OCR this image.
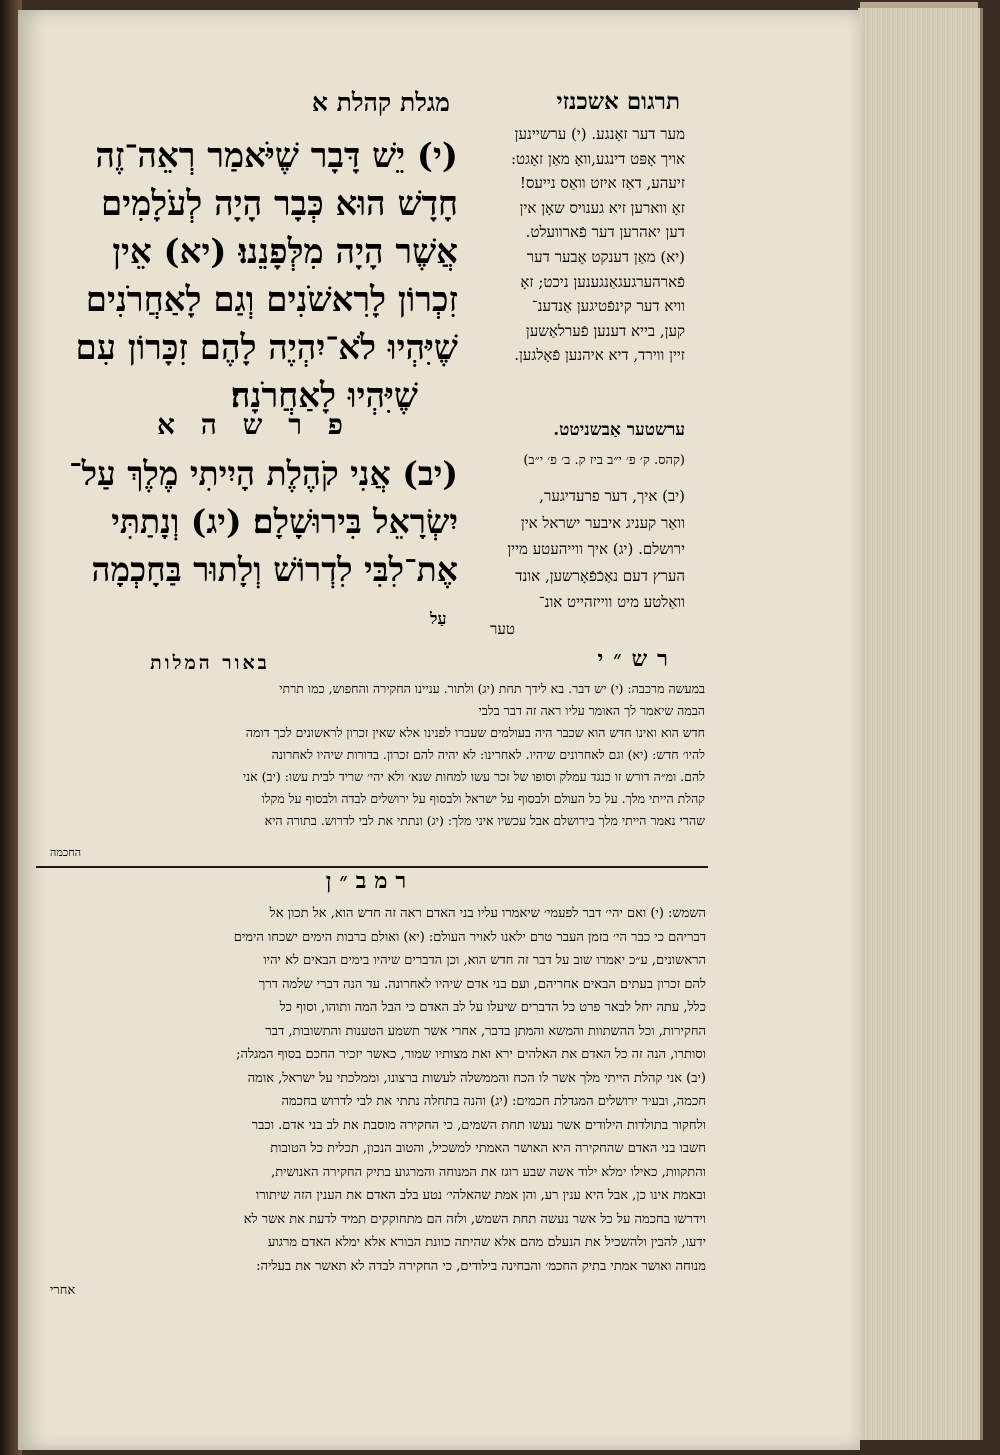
מגלת קהלת א	תרגום אשכנזי
(י) יֵשׁ דָּבָר שֶׁיֹּאמַר רְאֵה־זֶה
חָדָשׁ הוּא כְּבָר הָיָה לְעֹלָמִים
אֲשֶׁר הָיָה מִלְּפָנֵנוּ׃ (יא) אֵין
זִכְרוֹן לָרִאשֹׁנִים וְגַם לָאַחֲרֹנִים
שֶׁיִּהְיוּ לֹא־יִהְיֶה לָהֶם זִכָּרוֹן עִם
שֶׁיִּהְיוּ לָאַחֲרֹנָה׃
פ ר ש ה א
(יב) אֲנִי קֹהֶלֶת הָיִיתִי מֶלֶךְ עַל־
יִשְׂרָאֵל בִּירוּשָׁלָם׃ (יג) וְנָתַתִּי
אֶת־לִבִּי לִדְרוֹשׁ וְלָתוּר בַּחָכְמָה
עַל
מער דער זאָנגע. (י) ערשיינען
אויך אָפּט דינגע,וואָ מאַן זאָגט:
זיעהע, דאַז איזט וואַס נייעס!
זאָ ווארען זיא גענויס שאָן אין
דען יאהרען דער פֿארוועלט.
(יא) מאַן דענקט אָבער דער
פֿארהערגעגאַנגענען ניכט; זאָ
וויא דער קינפֿטיגען אַנדענ־
קען, בייא דענען פֿערלאַשען
זיין ווירד, דיא איהנען פֿאָלגען.
ערשטער אַבשניטט.
(קהס. ק׳ פ׳ י״ב ביז ק. ב׳ פ׳ י״ב)
(יב) איך, דער פרעדיגער,
וואַר קעניג איבער ישראל אין
ירושלם. (יג) איך ווייהעטע מיין
הערץ דעם נאַכֿפֿאָרשען, אונד
וואַלטע מיט ווייזהייט אונ־
טער
רש״י
באור המלות
במעשה מרכבה: (י) יש דבר. בא לידך תחת (יג) ולתור. עניינו החקירה והחפוש, כמו תרתי
הבמה שיאמר לך האומר עליו ראה זה דבר בלבי
חדש הוא ואינו חדש הוא שכבר היה בעולמים שעברו לפנינו אלא שאין זכרון לראשונים לכך דומה
להיו׳ חדש: (יא) וגם לאחרונים שיהיו. לאחרינו: לא יהיה להם זכרון. בדורות שיהיו לאחרונה
להם. ומ״ה דורש זו כנגד עמלק וסופו של זכר עשו למחות שנא׳ ולא יהי׳ שריד לבית עשו: (יב) אני
קהלת הייתי מלך. על כל העולם ולבסוף על ישראל ולבסוף על ירושלים לבדה ולבסוף על מקלו
שהרי נאמר הייתי מלך בירושלם אבל עכשיו איני מלך: (יג) ונתתי את לבי לדרוש. בתורה היא
החכמה
רמב״ן
השמש: (י) ואם יהי׳ דבר לפעמי׳ שיאמרו עליו בני האדם ראה זה חדש הוא, אל תכון אל
דבריהם כי כבר הי׳ בזמן העבר טרם ילאנו לאויר העולם: (יא) ואולם ברבות הימים ישכחו הימים
הראשונים, ע״כ יאמרו שוב על דבר זה חדש הוא, וכן הדברים שיהיו בימים הבאים לא יהיו
להם זכרון בעתים הבאים אחריהם, ועם בני אדם שיהיו לאחרונה. עד הנה דברי שלמה דרך
כלל, עתה יחל לבאר פרט כל הדברים שיעלו על לב האדם כי הבל המה ותוהו, וסוף כל
החקירות, וכל ההשתוות והמשא והמתן בדבר, אחרי אשר תשמע הטענות והתשובות, דבר
וסותרו, הנה זה כל האדם את האלהים ירא ואת מצותיו שמור, כאשר יזכיר החכם בסוף המגלה;
(יב) אני קהלת הייתי מלך אשר לו הכח והממשלה לעשות ברצונו, וממלכתי על ישראל, אומה
חכמה, ובעיר ירושלים המגדלת חכמים: (יג) והנה בתחלה נתתי את לבי לדרוש בחכמה
ולחקור בתולדות הילודים אשר נעשו תחת השמים, כי החקירה מוסבת את לב בני אדם. וכבר
חשבו בני האדם שהחקירה היא האושר האמתי למשכיל, והטוב הנכון, תכלית כל הטובות
והתקוות, כאילו ימלא ילוד אשה שבע רוגז את המנוחה והמרגוע בתיק החקירה האנושית,
ובאמת אינו כן, אבל היא ענין רע, והן אמת שהאלהי׳ נטע בלב האדם את הענין הזה שיתורו
וידרשו בחכמה על כל אשר נעשה תחת השמש, ולזה הם מתחוקקים תמיד לדעת את אשר לא
ידעו, להבין ולהשכיל את הנעלם מהם אלא שהיתה כוונת הבורא אלא ימלא האדם מרגוע
מנוחה ואושר אמתי בתיק החכמ׳ והבחינה בילודים, כי החקירה לבדה לא תאשר את בעליה:
אחרי
